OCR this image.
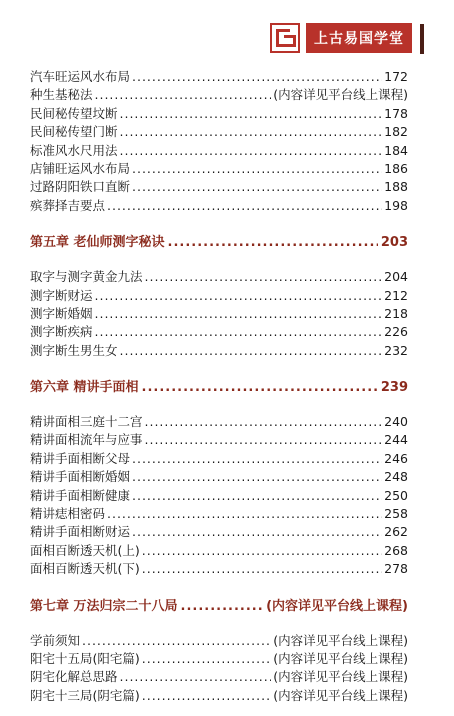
上古易国学堂
汽车旺运风水布局 .....	172
种生基秘法 .....	(内容详见平台线上课程)
民间秘传望坟断 .....	178
民间秘传望门断 .....	182
标准风水尺用法 .....	184
店铺旺运风水布局 .....	186
过路阴阳铁口直断 .....	188
殡葬择吉要点 .....	198
第五章 老仙师测字秘诀 .....	203
取字与测字黄金九法 .....	204
测字断财运 .....	212
测字断婚姻 .....	218
测字断疾病 .....	226
测字断生男生女 .....	232
第六章 精讲手面相 .....	239
精讲面相三庭十二宫 .....	240
精讲面相流年与应事 .....	244
精讲手面相断父母 .....	246
精讲手面相断婚姻 .....	248
精讲手面相断健康 .....	250
精讲痣相密码 .....	258
精讲手面相断财运 .....	262
面相百断透天机(上) .....	268
面相百断透天机(下) .....	278
第七章 万法归宗二十八局 .....	(内容详见平台线上课程)
学前须知 .....	(内容详见平台线上课程)
阳宅十五局(阳宅篇) .....	(内容详见平台线上课程)
阴宅化解总思路 .....	(内容详见平台线上课程)
阴宅十三局(阴宅篇) .....	(内容详见平台线上课程)
